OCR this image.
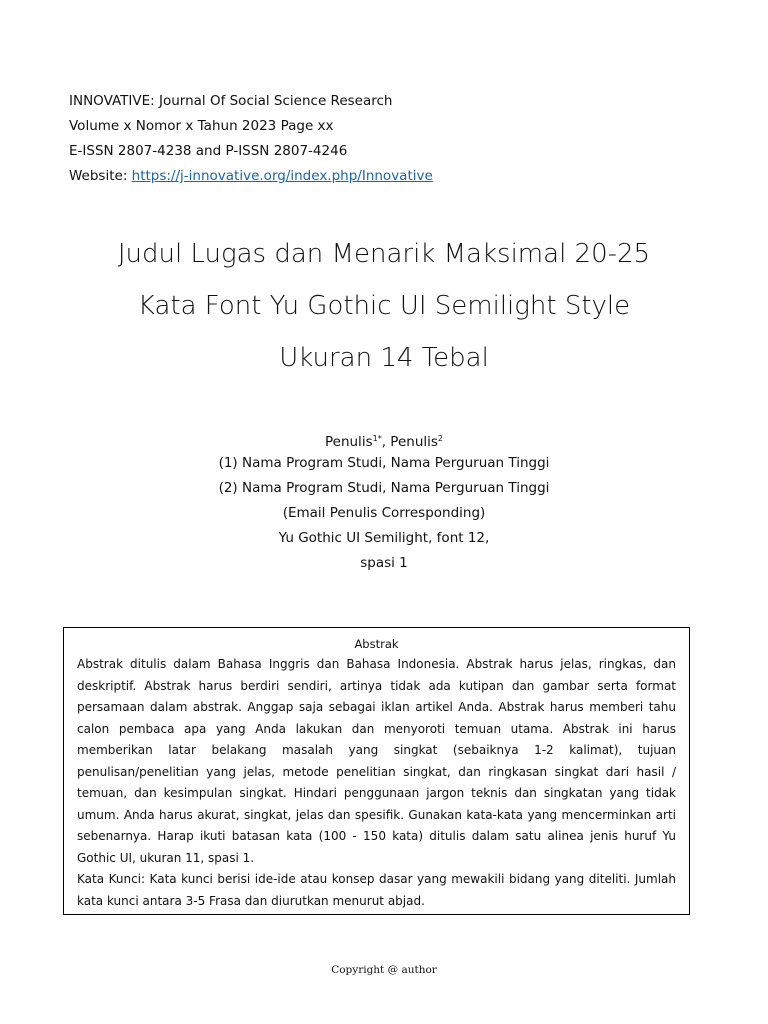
INNOVATIVE: Journal Of Social Science Research
Volume x Nomor x Tahun 2023 Page xx
E-ISSN 2807-4238 and P-ISSN 2807-4246
Website: https://j-innovative.org/index.php/Innovative
Judul Lugas dan Menarik Maksimal 20-25
Kata Font Yu Gothic UI Semilight Style
Ukuran 14 Tebal
Penulis$^{1*}$, Penulis$^2$
(1) Nama Program Studi, Nama Perguruan Tinggi
(2) Nama Program Studi, Nama Perguruan Tinggi
(Email Penulis Corresponding)
Yu Gothic UI Semilight, font 12,
spasi 1
Abstrak
Abstrak ditulis dalam Bahasa Inggris dan Bahasa Indonesia. Abstrak harus jelas, ringkas, dan deskriptif. Abstrak harus berdiri sendiri, artinya tidak ada kutipan dan gambar serta format persamaan dalam abstrak. Anggap saja sebagai iklan artikel Anda. Abstrak harus memberi tahu calon pembaca apa yang Anda lakukan dan menyoroti temuan utama. Abstrak ini harus memberikan latar belakang masalah yang singkat (sebaiknya 1-2 kalimat), tujuan penulisan/penelitian yang jelas, metode penelitian singkat, dan ringkasan singkat dari hasil / temuan, dan kesimpulan singkat. Hindari penggunaan jargon teknis dan singkatan yang tidak umum. Anda harus akurat, singkat, jelas dan spesifik. Gunakan kata-kata yang mencerminkan arti sebenarnya. Harap ikuti batasan kata (100 - 150 kata) ditulis dalam satu alinea jenis huruf Yu Gothic UI, ukuran 11, spasi 1.
Kata Kunci: Kata kunci berisi ide-ide atau konsep dasar yang mewakili bidang yang diteliti. Jumlah kata kunci antara 3-5 Frasa dan diurutkan menurut abjad.
Copyright @ author
